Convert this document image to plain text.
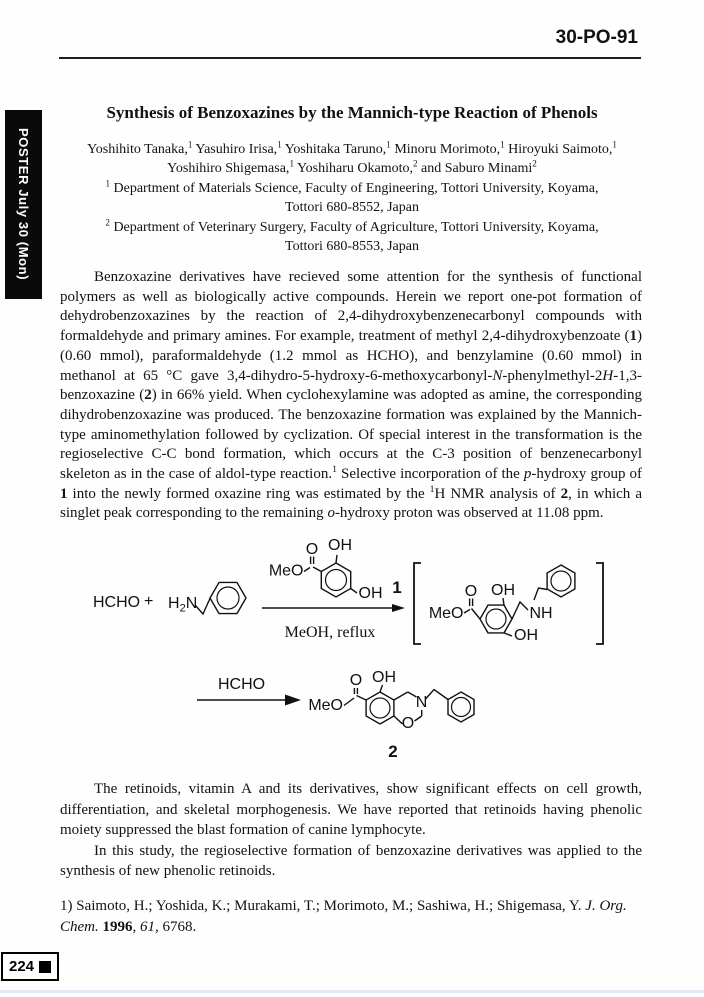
30-PO-91
POSTER July 30 (Mon)
Synthesis of Benzoxazines by the Mannich-type Reaction of Phenols
Yoshihito Tanaka,$^1$ Yasuhiro Irisa,$^1$ Yoshitaka Taruno,$^1$ Minoru Morimoto,$^1$ Hiroyuki Saimoto,$^1$
Yoshihiro Shigemasa,$^1$ Yoshiharu Okamoto,$^2$ and Saburo Minami$^2$
$^1$ Department of Materials Science, Faculty of Engineering, Tottori University, Koyama,
Tottori 680-8552, Japan
$^2$ Department of Veterinary Surgery, Faculty of Agriculture, Tottori University, Koyama,
Tottori 680-8553, Japan

Benzoxazine derivatives have recieved some attention for the synthesis of functional polymers as well as biologically active compounds. Herein we report one-pot formation of dehydrobenzoxazines by the reaction of 2,4-dihydroxybenzenecarbonyl compounds with formaldehyde and primary amines. For example, treatment of methyl 2,4-dihydroxybenzoate (1) (0.60 mmol), paraformaldehyde (1.2 mmol as HCHO), and benzylamine (0.60 mmol) in methanol at 65 °C gave 3,4-dihydro-5-hydroxy-6-methoxycarbonyl-N-phenylmethyl-2H-1,3-benzoxazine (2) in 66% yield. When cyclohexylamine was adopted as amine, the corresponding dihydrobenzoxazine was produced. The benzoxazine formation was explained by the Mannich-type aminomethylation followed by cyclization. Of special interest in the transformation is the regioselective C-C bond formation, which occurs at the C-3 position of benzenecarbonyl skeleton as in the case of aldol-type reaction.$^1$ Selective incorporation of the p-hydroxy group of 1 into the newly formed oxazine ring was estimated by the $^1$H NMR analysis of 2, in which a singlet peak corresponding to the remaining o-hydroxy proton was observed at 11.08 ppm.

HCHO + $H_2N$
O
MeO
OH
OH 1
MeOH, reflux
MeO
O OH
NH
OH
HCHO
MeO
O OH
N
O
2

The retinoids, vitamin A and its derivatives, show significant effects on cell growth, differentiation, and skeletal morphogenesis. We have reported that retinoids having phenolic moiety suppressed the blast formation of canine lymphocyte.

In this study, the regioselective formation of benzoxazine derivatives was applied to the synthesis of new phenolic retinoids.

1) Saimoto, H.; Yoshida, K.; Murakami, T.; Morimoto, M.; Sashiwa, H.; Shigemasa, Y. J. Org. Chem. 1996, 61, 6768.
224
